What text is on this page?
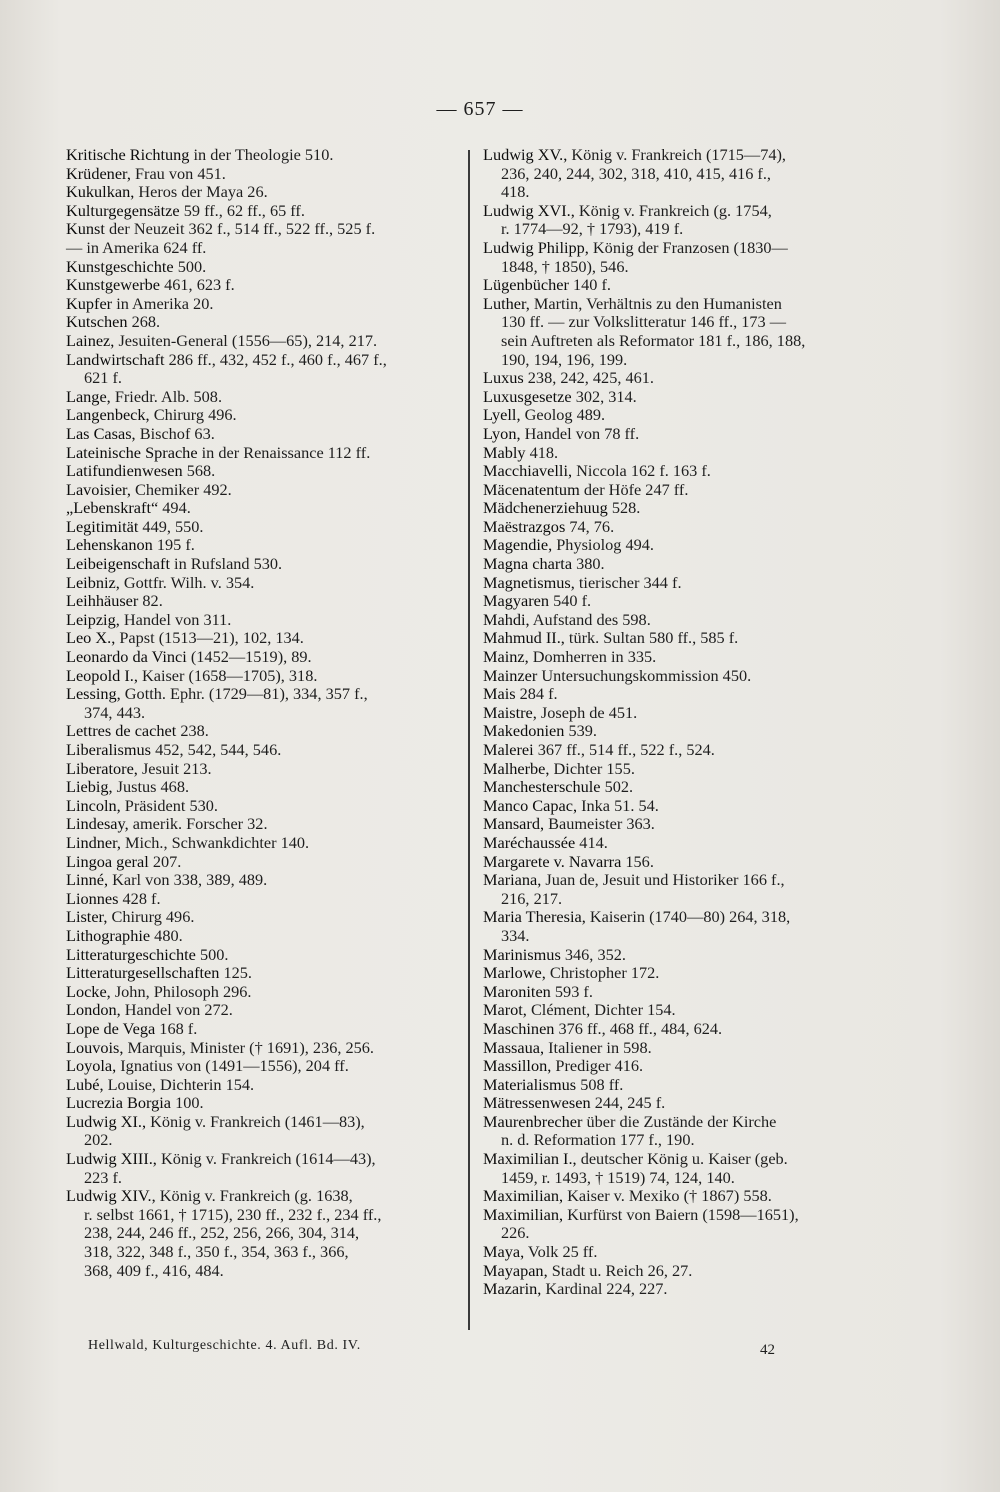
— 657 —
Kritische Richtung in der Theologie 510.
Krüdener, Frau von 451.
Kukulkan, Heros der Maya 26.
Kulturgegensätze 59 ff., 62 ff., 65 ff.
Kunst der Neuzeit 362 f., 514 ff., 522 ff., 525 f.
— in Amerika 624 ff.
Kunstgeschichte 500.
Kunstgewerbe 461, 623 f.
Kupfer in Amerika 20.
Kutschen 268.
Lainez, Jesuiten-General (1556—65), 214, 217.
Landwirtschaft 286 ff., 432, 452 f., 460 f., 467 f.,
621 f.
Lange, Friedr. Alb. 508.
Langenbeck, Chirurg 496.
Las Casas, Bischof 63.
Lateinische Sprache in der Renaissance 112 ff.
Latifundienwesen 568.
Lavoisier, Chemiker 492.
„Lebenskraft“ 494.
Legitimität 449, 550.
Lehenskanon 195 f.
Leibeigenschaft in Rufsland 530.
Leibniz, Gottfr. Wilh. v. 354.
Leihhäuser 82.
Leipzig, Handel von 311.
Leo X., Papst (1513—21), 102, 134.
Leonardo da Vinci (1452—1519), 89.
Leopold I., Kaiser (1658—1705), 318.
Lessing, Gotth. Ephr. (1729—81), 334, 357 f.,
374, 443.
Lettres de cachet 238.
Liberalismus 452, 542, 544, 546.
Liberatore, Jesuit 213.
Liebig, Justus 468.
Lincoln, Präsident 530.
Lindesay, amerik. Forscher 32.
Lindner, Mich., Schwankdichter 140.
Lingoa geral 207.
Linné, Karl von 338, 389, 489.
Lionnes 428 f.
Lister, Chirurg 496.
Lithographie 480.
Litteraturgeschichte 500.
Litteraturgesellschaften 125.
Locke, John, Philosoph 296.
London, Handel von 272.
Lope de Vega 168 f.
Louvois, Marquis, Minister († 1691), 236, 256.
Loyola, Ignatius von (1491—1556), 204 ff.
Lubé, Louise, Dichterin 154.
Lucrezia Borgia 100.
Ludwig XI., König v. Frankreich (1461—83),
202.
Ludwig XIII., König v. Frankreich (1614—43),
223 f.
Ludwig XIV., König v. Frankreich (g. 1638,
r. selbst 1661, † 1715), 230 ff., 232 f., 234 ff.,
238, 244, 246 ff., 252, 256, 266, 304, 314,
318, 322, 348 f., 350 f., 354, 363 f., 366,
368, 409 f., 416, 484.
Ludwig XV., König v. Frankreich (1715—74),
236, 240, 244, 302, 318, 410, 415, 416 f.,
418.
Ludwig XVI., König v. Frankreich (g. 1754,
r. 1774—92, † 1793), 419 f.
Ludwig Philipp, König der Franzosen (1830—
1848, † 1850), 546.
Lügenbücher 140 f.
Luther, Martin, Verhältnis zu den Humanisten
130 ff. — zur Volkslitteratur 146 ff., 173 —
sein Auftreten als Reformator 181 f., 186, 188,
190, 194, 196, 199.
Luxus 238, 242, 425, 461.
Luxusgesetze 302, 314.
Lyell, Geolog 489.
Lyon, Handel von 78 ff.
Mably 418.
Macchiavelli, Niccola 162 f. 163 f.
Mäcenatentum der Höfe 247 ff.
Mädchenerziehuug 528.
Maëstrazgos 74, 76.
Magendie, Physiolog 494.
Magna charta 380.
Magnetismus, tierischer 344 f.
Magyaren 540 f.
Mahdi, Aufstand des 598.
Mahmud II., türk. Sultan 580 ff., 585 f.
Mainz, Domherren in 335.
Mainzer Untersuchungskommission 450.
Mais 284 f.
Maistre, Joseph de 451.
Makedonien 539.
Malerei 367 ff., 514 ff., 522 f., 524.
Malherbe, Dichter 155.
Manchesterschule 502.
Manco Capac, Inka 51. 54.
Mansard, Baumeister 363.
Maréchaussée 414.
Margarete v. Navarra 156.
Mariana, Juan de, Jesuit und Historiker 166 f.,
216, 217.
Maria Theresia, Kaiserin (1740—80) 264, 318,
334.
Marinismus 346, 352.
Marlowe, Christopher 172.
Maroniten 593 f.
Marot, Clément, Dichter 154.
Maschinen 376 ff., 468 ff., 484, 624.
Massaua, Italiener in 598.
Massillon, Prediger 416.
Materialismus 508 ff.
Mätressenwesen 244, 245 f.
Maurenbrecher über die Zustände der Kirche
n. d. Reformation 177 f., 190.
Maximilian I., deutscher König u. Kaiser (geb.
1459, r. 1493, † 1519) 74, 124, 140.
Maximilian, Kaiser v. Mexiko († 1867) 558.
Maximilian, Kurfürst von Baiern (1598—1651),
226.
Maya, Volk 25 ff.
Mayapan, Stadt u. Reich 26, 27.
Mazarin, Kardinal 224, 227.
Hellwald, Kulturgeschichte. 4. Aufl. Bd. IV.	42
